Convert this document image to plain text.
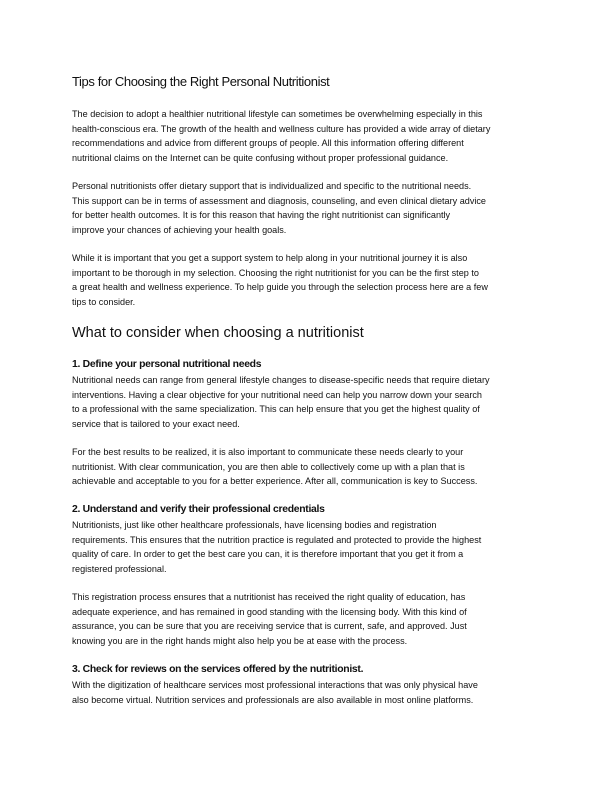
Tips for Choosing the Right Personal Nutritionist
The decision to adopt a healthier nutritional lifestyle can sometimes be overwhelming especially in this
health-conscious era. The growth of the health and wellness culture has provided a wide array of dietary
recommendations and advice from different groups of people. All this information offering different
nutritional claims on the Internet can be quite confusing without proper professional guidance.
Personal nutritionists offer dietary support that is individualized and specific to the nutritional needs.
This support can be in terms of assessment and diagnosis, counseling, and even clinical dietary advice
for better health outcomes. It is for this reason that having the right nutritionist can significantly
improve your chances of achieving your health goals.
While it is important that you get a support system to help along in your nutritional journey it is also
important to be thorough in my selection. Choosing the right nutritionist for you can be the first step to
a great health and wellness experience. To help guide you through the selection process here are a few
tips to consider.
What to consider when choosing a nutritionist
1. Define your personal nutritional needs
Nutritional needs can range from general lifestyle changes to disease-specific needs that require dietary
interventions. Having a clear objective for your nutritional need can help you narrow down your search
to a professional with the same specialization. This can help ensure that you get the highest quality of
service that is tailored to your exact need.
For the best results to be realized, it is also important to communicate these needs clearly to your
nutritionist. With clear communication, you are then able to collectively come up with a plan that is
achievable and acceptable to you for a better experience. After all, communication is key to Success.
2. Understand and verify their professional credentials
Nutritionists, just like other healthcare professionals, have licensing bodies and registration
requirements. This ensures that the nutrition practice is regulated and protected to provide the highest
quality of care. In order to get the best care you can, it is therefore important that you get it from a
registered professional.
This registration process ensures that a nutritionist has received the right quality of education, has
adequate experience, and has remained in good standing with the licensing body. With this kind of
assurance, you can be sure that you are receiving service that is current, safe, and approved. Just
knowing you are in the right hands might also help you be at ease with the process.
3. Check for reviews on the services offered by the nutritionist.
With the digitization of healthcare services most professional interactions that was only physical have
also become virtual. Nutrition services and professionals are also available in most online platforms.
